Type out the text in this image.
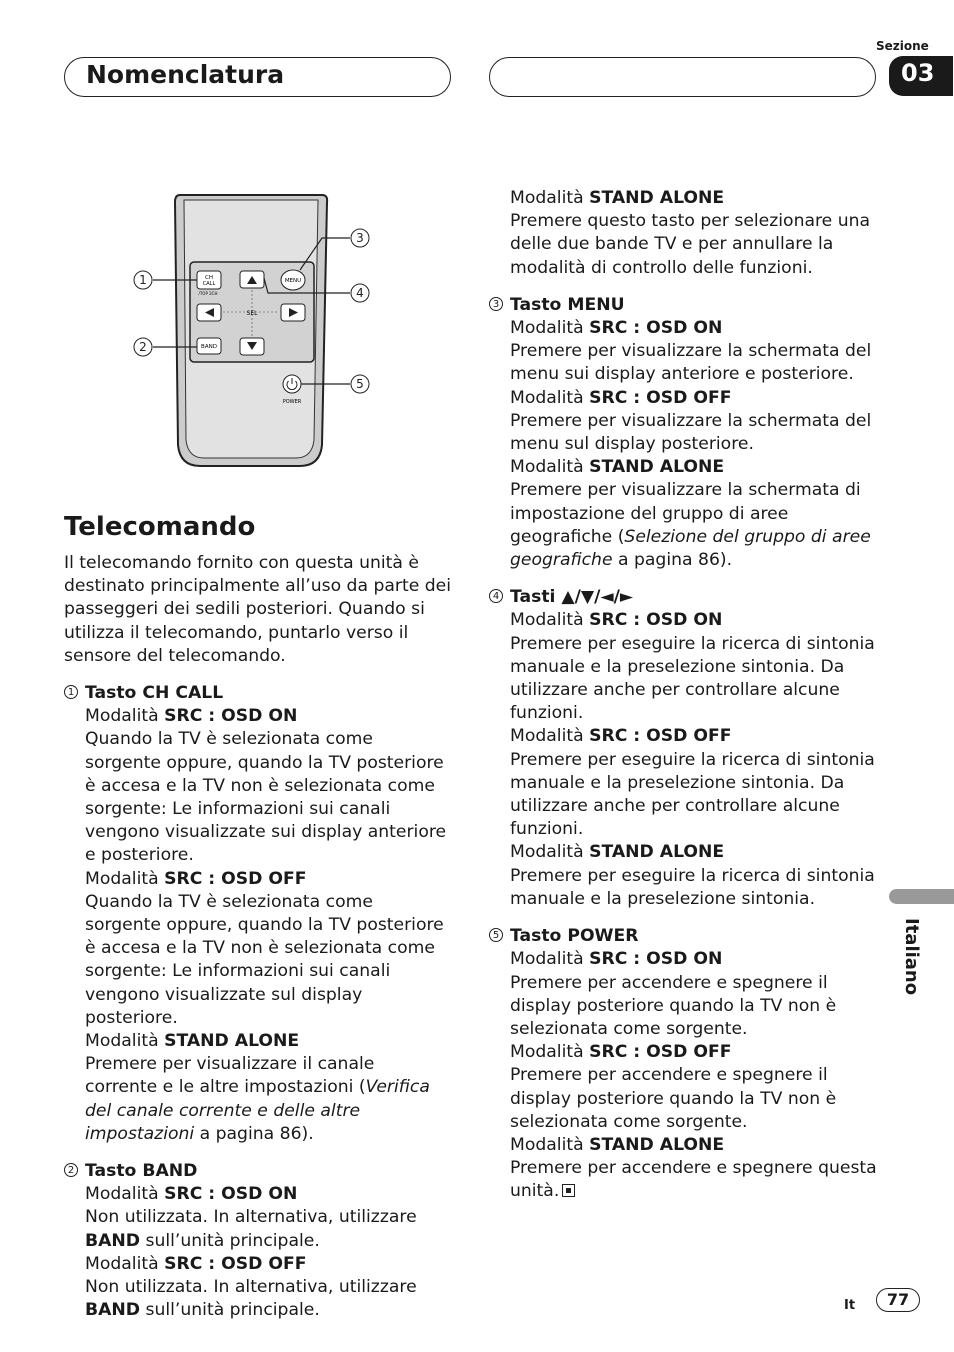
Nomenclatura
Sezione
03
CH
CALL
/TOP 2CH
MENU
SEL
BAND
POWER
1
2
3
4
5
Telecomando

Il telecomando fornito con questa unità è destinato principalmente all’uso da parte dei passeggeri dei sedili posteriori. Quando si utilizza il telecomando, puntarlo verso il sensore del telecomando.

1 Tasto CH CALL

Modalità SRC : OSD ON

Quando la TV è selezionata come sorgente oppure, quando la TV posteriore è accesa e la TV non è selezionata come sorgente: Le informazioni sui canali vengono visualizzate sui display anteriore e posteriore.

Modalità SRC : OSD OFF

Quando la TV è selezionata come sorgente oppure, quando la TV posteriore è accesa e la TV non è selezionata come sorgente: Le informazioni sui canali vengono visualizzate sul display posteriore.

Modalità STAND ALONE

Premere per visualizzare il canale corrente e le altre impostazioni (Verifica del canale corrente e delle altre impostazioni a pagina 86).

2 Tasto BAND

Modalità SRC : OSD ON

Non utilizzata. In alternativa, utilizzare BAND sull’unità principale.

Modalità SRC : OSD OFF

Non utilizzata. In alternativa, utilizzare BAND sull’unità principale.

Modalità STAND ALONE

Premere questo tasto per selezionare una delle due bande TV e per annullare la modalità di controllo delle funzioni.

3 Tasto MENU

Modalità SRC : OSD ON

Premere per visualizzare la schermata del menu sui display anteriore e posteriore.

Modalità SRC : OSD OFF

Premere per visualizzare la schermata del menu sul display posteriore.

Modalità STAND ALONE

Premere per visualizzare la schermata di impostazione del gruppo di aree geografiche (Selezione del gruppo di aree geografiche a pagina 86).

4 Tasti ▲/▼/◄/►

Modalità SRC : OSD ON

Premere per eseguire la ricerca di sintonia manuale e la preselezione sintonia. Da utilizzare anche per controllare alcune funzioni.

Modalità SRC : OSD OFF

Premere per eseguire la ricerca di sintonia manuale e la preselezione sintonia. Da utilizzare anche per controllare alcune funzioni.

Modalità STAND ALONE

Premere per eseguire la ricerca di sintonia manuale e la preselezione sintonia.

5 Tasto POWER

Modalità SRC : OSD ON

Premere per accendere e spegnere il display posteriore quando la TV non è selezionata come sorgente.

Modalità SRC : OSD OFF

Premere per accendere e spegnere il display posteriore quando la TV non è selezionata come sorgente.

Modalità STAND ALONE

Premere per accendere e spegnere questa unità.

Italiano
It	77
